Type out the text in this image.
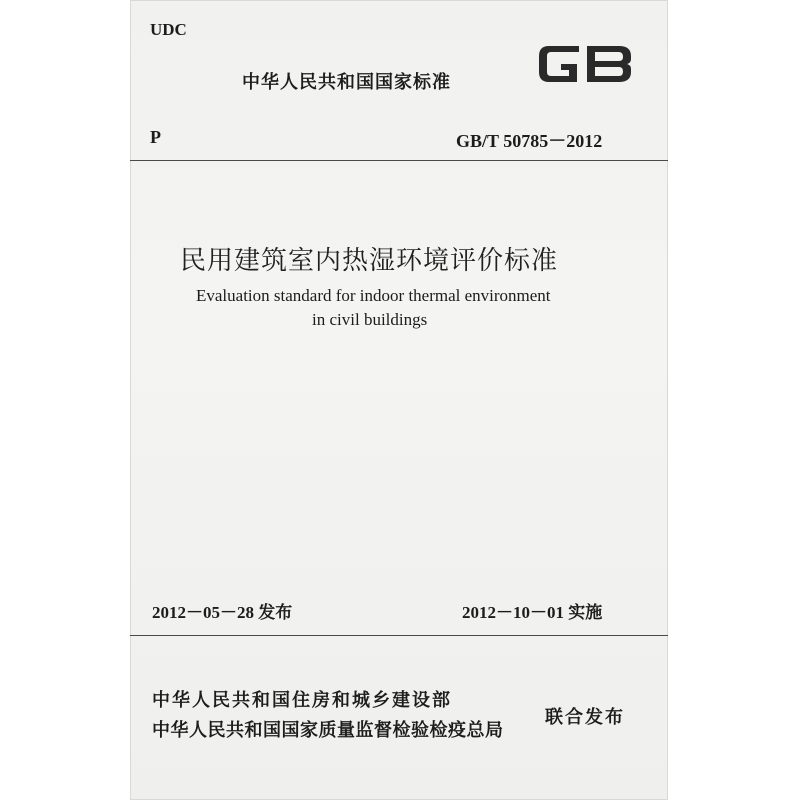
UDC
中华人民共和国国家标准
P	GB/T 50785－2012
民用建筑室内热湿环境评价标准
Evaluation standard for indoor thermal environment
in civil buildings
2012－05－28 发布	2012－10－01 实施
中华人民共和国住房和城乡建设部
中华人民共和国国家质量监督检验检疫总局
联合发布
